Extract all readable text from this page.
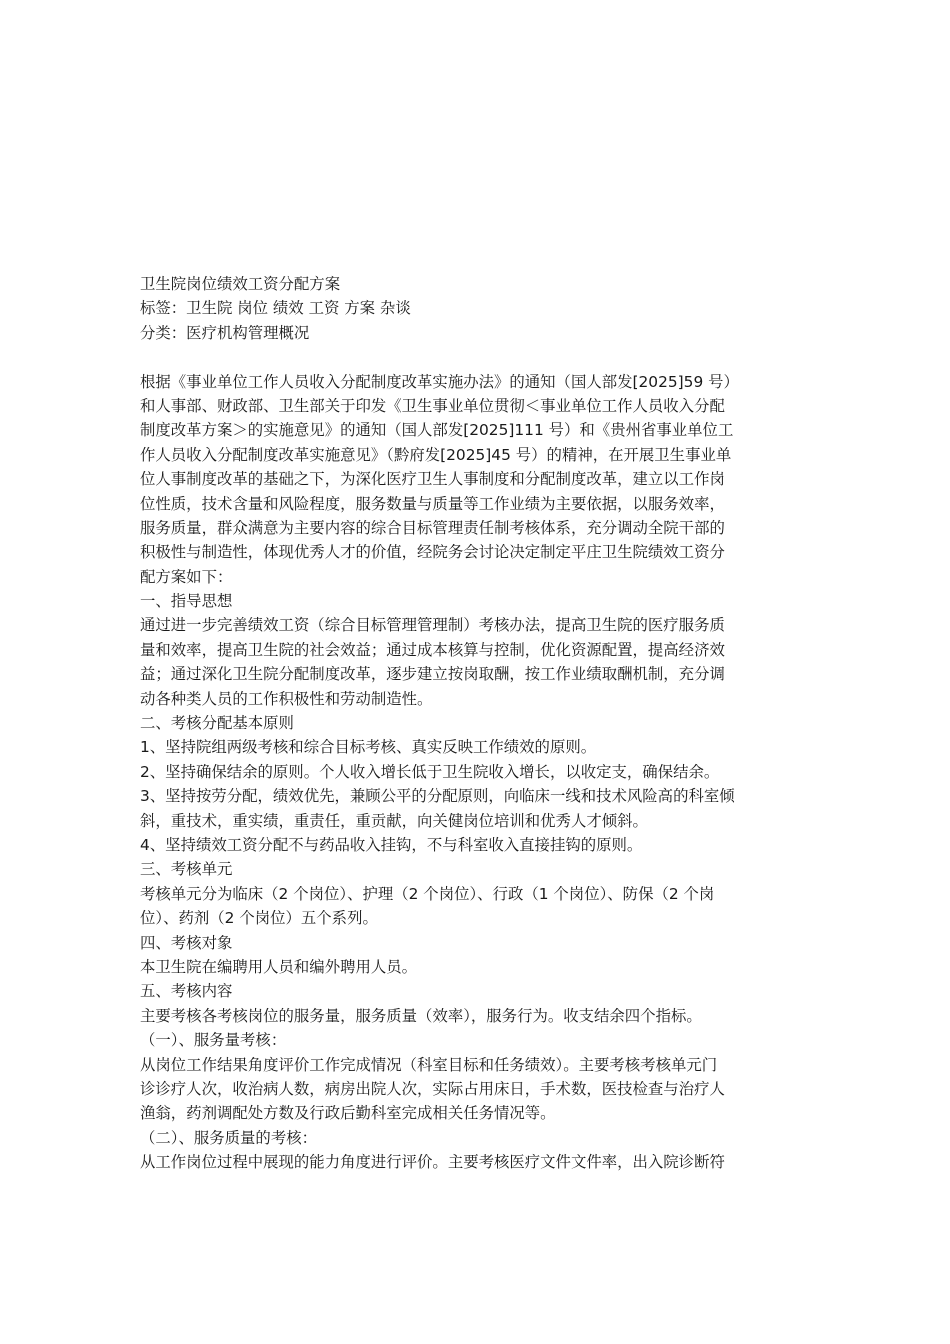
卫生院岗位绩效工资分配方案
标签：卫生院 岗位 绩效 工资 方案 杂谈
分类：医疗机构管理概况
根据《事业单位工作人员收入分配制度改革实施办法》的通知（国人部发[2025]59 号）
和人事部、财政部、卫生部关于印发《卫生事业单位贯彻＜事业单位工作人员收入分配
制度改革方案＞的实施意见》的通知（国人部发[2025]111 号）和《贵州省事业单位工
作人员收入分配制度改革实施意见》（黔府发[2025]45 号）的精神，在开展卫生事业单
位人事制度改革的基础之下，为深化医疗卫生人事制度和分配制度改革，建立以工作岗
位性质，技术含量和风险程度，服务数量与质量等工作业绩为主要依据，以服务效率，
服务质量，群众满意为主要内容的综合目标管理责任制考核体系，充分调动全院干部的
积极性与制造性，体现优秀人才的价值，经院务会讨论决定制定平庄卫生院绩效工资分
配方案如下：
一、指导思想
通过进一步完善绩效工资（综合目标管理管理制）考核办法，提高卫生院的医疗服务质
量和效率，提高卫生院的社会效益；通过成本核算与控制，优化资源配置，提高经济效
益；通过深化卫生院分配制度改革，逐步建立按岗取酬，按工作业绩取酬机制，充分调
动各种类人员的工作积极性和劳动制造性。
二、考核分配基本原则
1、坚持院组两级考核和综合目标考核、真实反映工作绩效的原则。
2、坚持确保结余的原则。个人收入增长低于卫生院收入增长，以收定支，确保结余。
3、坚持按劳分配，绩效优先，兼顾公平的分配原则，向临床一线和技术风险高的科室倾
斜，重技术，重实绩，重责任，重贡献，向关健岗位培训和优秀人才倾斜。
4、坚持绩效工资分配不与药品收入挂钩，不与科室收入直接挂钩的原则。
三、考核单元
考核单元分为临床（2 个岗位）、护理（2 个岗位）、行政（1 个岗位）、防保（2 个岗
位）、药剂（2 个岗位）五个系列。
四、考核对象
本卫生院在编聘用人员和编外聘用人员。
五、考核内容
主要考核各考核岗位的服务量，服务质量（效率），服务行为。收支结余四个指标。
（一）、服务量考核：
从岗位工作结果角度评价工作完成情况（科室目标和任务绩效）。主要考核考核单元门
诊诊疗人次，收治病人数，病房出院人次，实际占用床日，手术数，医技检查与治疗人
渔翁，药剂调配处方数及行政后勤科室完成相关任务情况等。
（二）、服务质量的考核：
从工作岗位过程中展现的能力角度进行评价。主要考核医疗文件文件率，出入院诊断符
